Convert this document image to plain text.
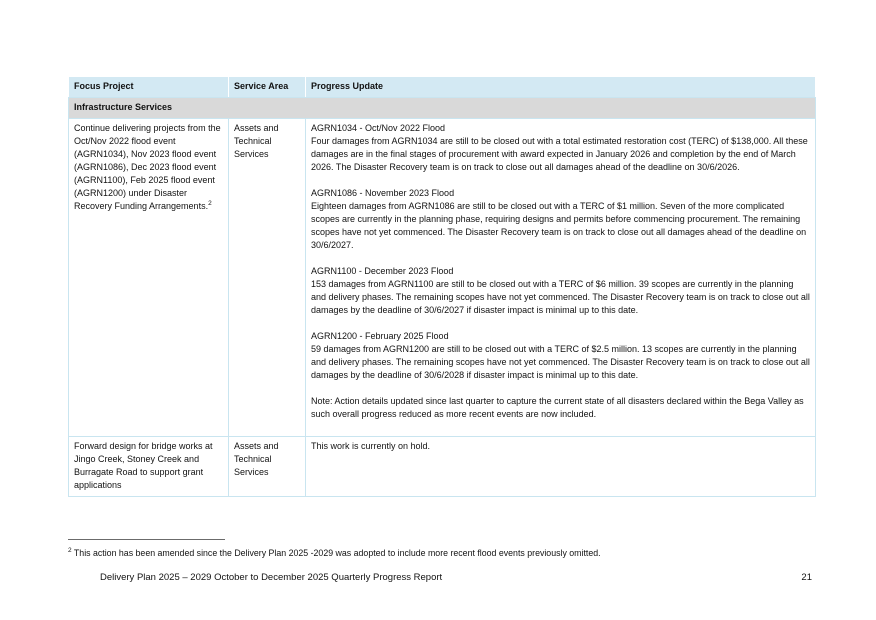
Focus Project	Service Area	Progress Update
Infrastructure Services		
Continue delivering projects from the Oct/Nov 2022 flood event (AGRN1034), Nov 2023 flood event (AGRN1086), Dec 2023 flood event (AGRN1100), Feb 2025 flood event (AGRN1200) under Disaster Recovery Funding Arrangements.$^2$	Assets and Technical Services	
AGRN1034 - Oct/Nov 2022 Flood
Four damages from AGRN1034 are still to be closed out with a total estimated restoration cost (TERC) of $138,000. All these damages are in the final stages of procurement with award expected in January 2026 and completion by the end of March 2026. The Disaster Recovery team is on track to close out all damages ahead of the deadline on 30/6/2026.
AGRN1086 - November 2023 Flood
Eighteen damages from AGRN1086 are still to be closed out with a TERC of $1 million. Seven of the more complicated scopes are currently in the planning phase, requiring designs and permits before commencing procurement. The remaining scopes have not yet commenced. The Disaster Recovery team is on track to close out all damages ahead of the deadline on 30/6/2027.
AGRN1100 - December 2023 Flood
153 damages from AGRN1100 are still to be closed out with a TERC of $6 million. 39 scopes are currently in the planning and delivery phases. The remaining scopes have not yet commenced. The Disaster Recovery team is on track to close out all damages by the deadline of 30/6/2027 if disaster impact is minimal up to this date.
AGRN1200 - February 2025 Flood
59 damages from AGRN1200 are still to be closed out with a TERC of $2.5 million. 13 scopes are currently in the planning and delivery phases. The remaining scopes have not yet commenced. The Disaster Recovery team is on track to close out all damages by the deadline of 30/6/2028 if disaster impact is minimal up to this date.
Note: Action details updated since last quarter to capture the current state of all disasters declared within the Bega Valley as such overall progress reduced as more recent events are now included.

Forward design for bridge works at Jingo Creek, Stoney Creek and Burragate Road to support grant applications	Assets and Technical Services	This work is currently on hold.
$^2$ This action has been amended since the Delivery Plan 2025 -2029 was adopted to include more recent flood events previously omitted.
Delivery Plan 2025 – 2029 October to December 2025 Quarterly Progress Report	21
